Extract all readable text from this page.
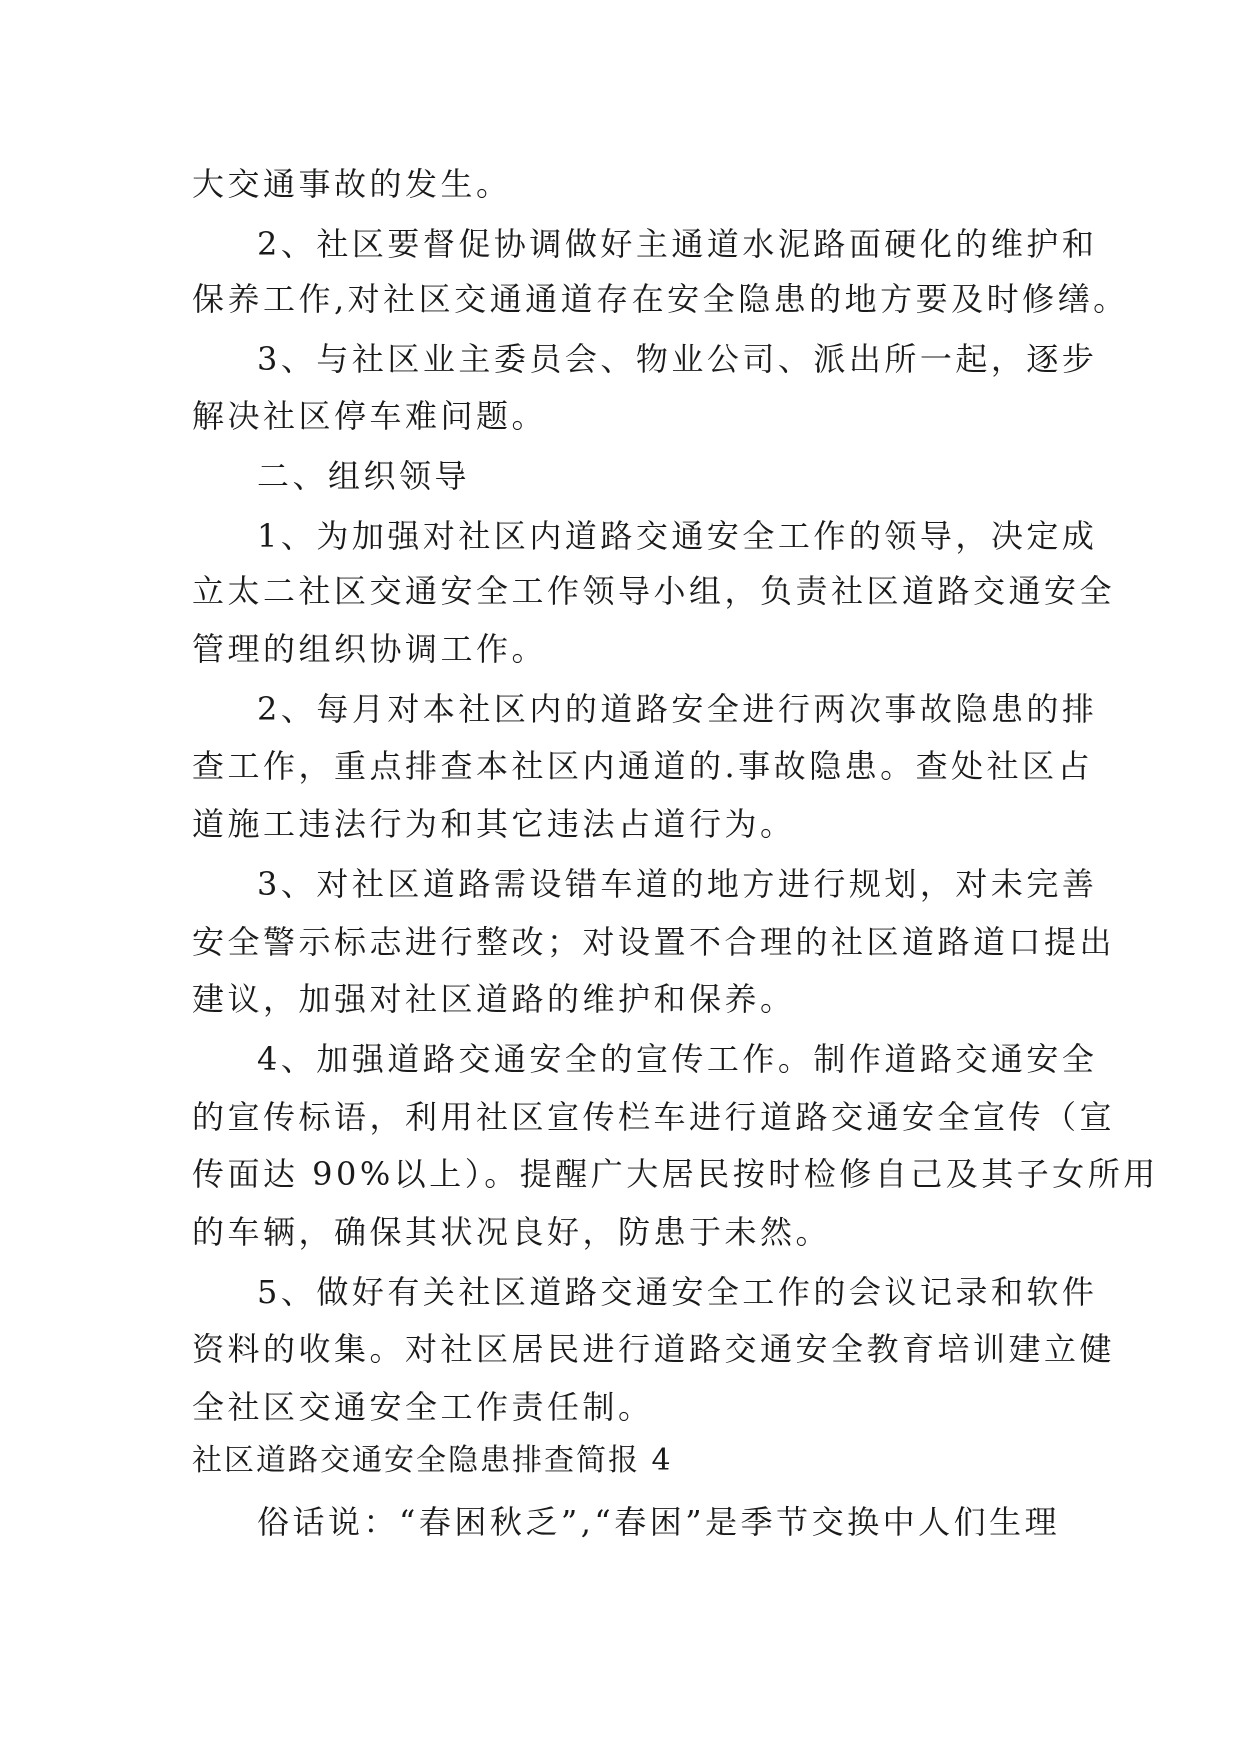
大交通事故的发生。
2、社区要督促协调做好主通道水泥路面硬化的维护和
保养工作,对社区交通通道存在安全隐患的地方要及时修缮。
3、与社区业主委员会、物业公司、派出所一起，逐步
解决社区停车难问题。
二、组织领导
1、为加强对社区内道路交通安全工作的领导，决定成
立太二社区交通安全工作领导小组，负责社区道路交通安全
管理的组织协调工作。
2、每月对本社区内的道路安全进行两次事故隐患的排
查工作，重点排查本社区内通道的.事故隐患。查处社区占
道施工违法行为和其它违法占道行为。
3、对社区道路需设错车道的地方进行规划，对未完善
安全警示标志进行整改；对设置不合理的社区道路道口提出
建议，加强对社区道路的维护和保养。
4、加强道路交通安全的宣传工作。制作道路交通安全
的宣传标语，利用社区宣传栏车进行道路交通安全宣传（宣
传面达 90%以上）。提醒广大居民按时检修自己及其子女所用
的车辆，确保其状况良好，防患于未然。
5、做好有关社区道路交通安全工作的会议记录和软件
资料的收集。对社区居民进行道路交通安全教育培训建立健
全社区交通安全工作责任制。
社区道路交通安全隐患排查简报 4
俗话说：“春困秋乏”,“春困”是季节交换中人们生理
